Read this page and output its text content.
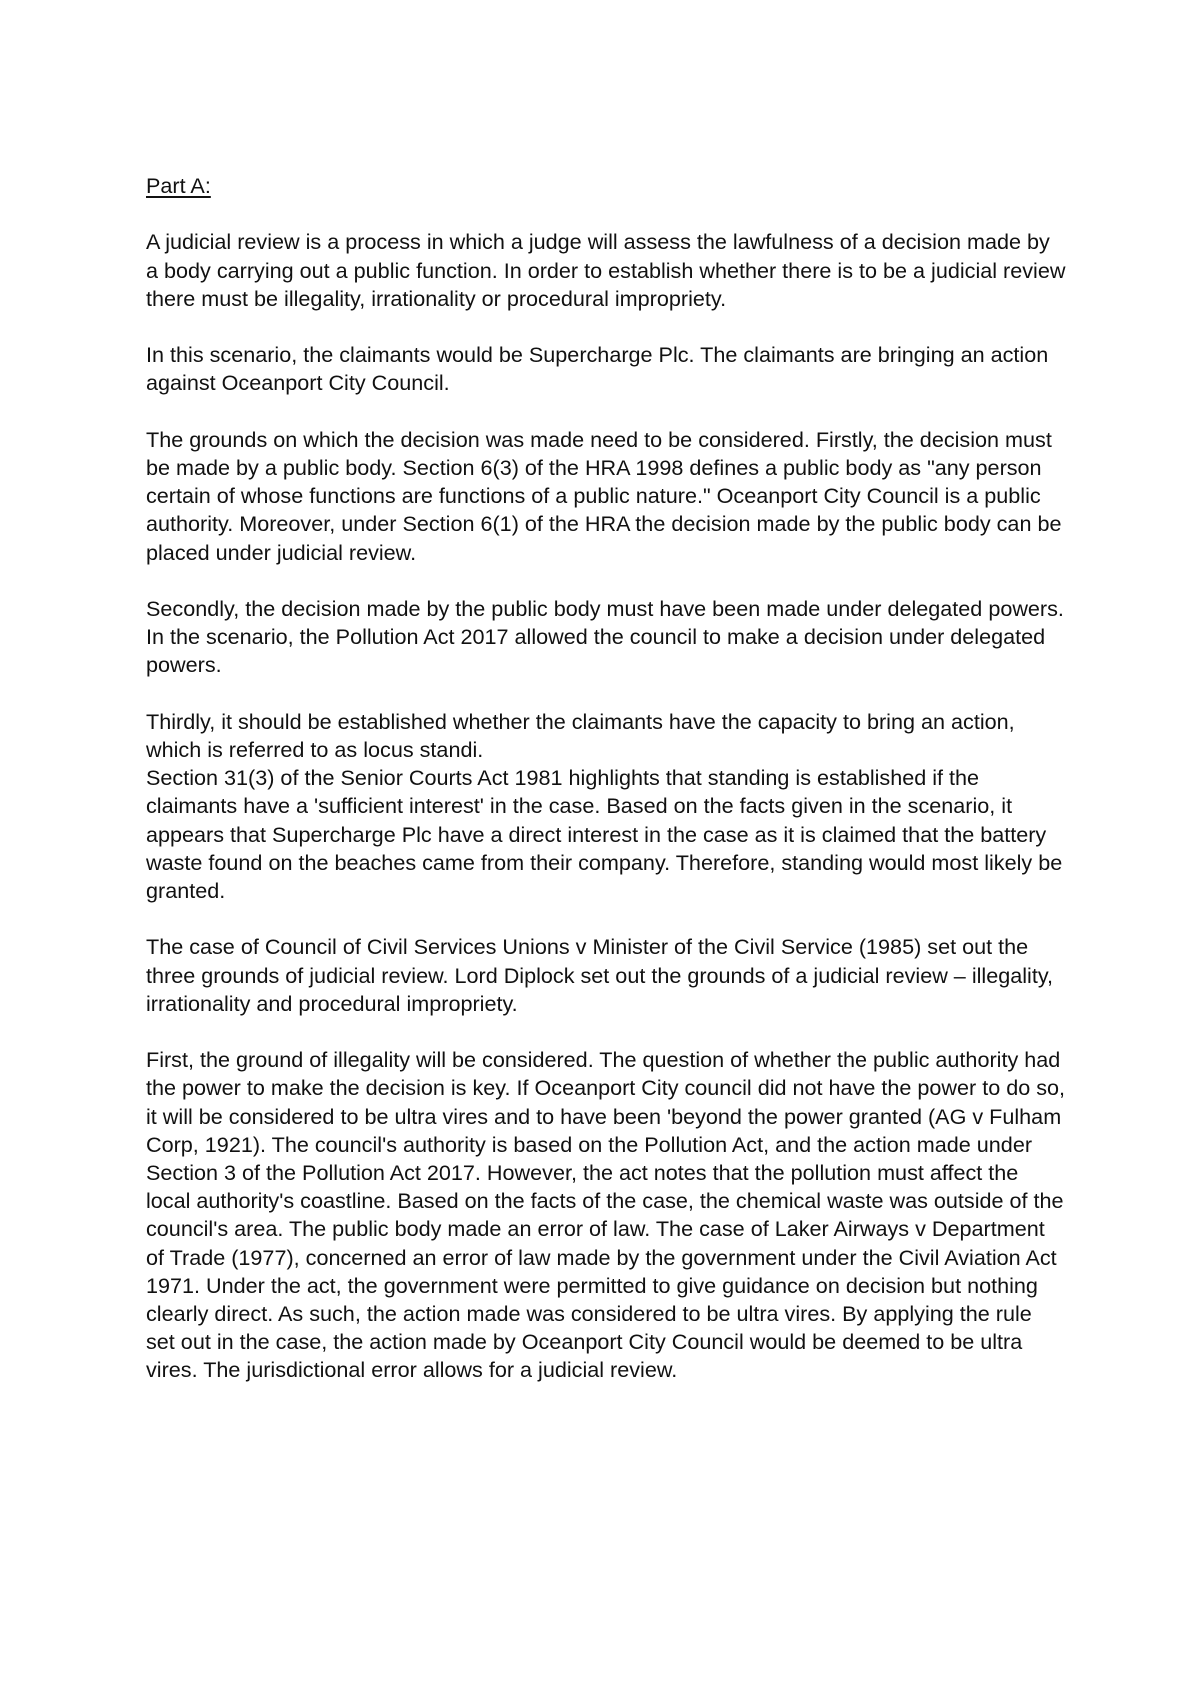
Part A:

A judicial review is a process in which a judge will assess the lawfulness of a decision made by a body carrying out a public function. In order to establish whether there is to be a judicial review there must be illegality, irrationality or procedural impropriety.

In this scenario, the claimants would be Supercharge Plc. The claimants are bringing an action against Oceanport City Council.

The grounds on which the decision was made need to be considered. Firstly, the decision must be made by a public body. Section 6(3) of the HRA 1998 defines a public body as "any person certain of whose functions are functions of a public nature." Oceanport City Council is a public authority. Moreover, under Section 6(1) of the HRA the decision made by the public body can be placed under judicial review.

Secondly, the decision made by the public body must have been made under delegated powers. In the scenario, the Pollution Act 2017 allowed the council to make a decision under delegated powers.

Thirdly, it should be established whether the claimants have the capacity to bring an action, which is referred to as locus standi.

Section 31(3) of the Senior Courts Act 1981 highlights that standing is established if the claimants have a 'sufficient interest' in the case. Based on the facts given in the scenario, it appears that Supercharge Plc have a direct interest in the case as it is claimed that the battery waste found on the beaches came from their company. Therefore, standing would most likely be granted.

The case of Council of Civil Services Unions v Minister of the Civil Service (1985) set out the three grounds of judicial review. Lord Diplock set out the grounds of a judicial review – illegality, irrationality and procedural impropriety.

First, the ground of illegality will be considered. The question of whether the public authority had the power to make the decision is key. If Oceanport City council did not have the power to do so, it will be considered to be ultra vires and to have been 'beyond the power granted (AG v Fulham Corp, 1921). The council's authority is based on the Pollution Act, and the action made under Section 3 of the Pollution Act 2017. However, the act notes that the pollution must affect the local authority's coastline. Based on the facts of the case, the chemical waste was outside of the council's area. The public body made an error of law. The case of Laker Airways v Department of Trade (1977), concerned an error of law made by the government under the Civil Aviation Act 1971. Under the act, the government were permitted to give guidance on decision but nothing clearly direct. As such, the action made was considered to be ultra vires. By applying the rule set out in the case, the action made by Oceanport City Council would be deemed to be ultra vires. The jurisdictional error allows for a judicial review.
